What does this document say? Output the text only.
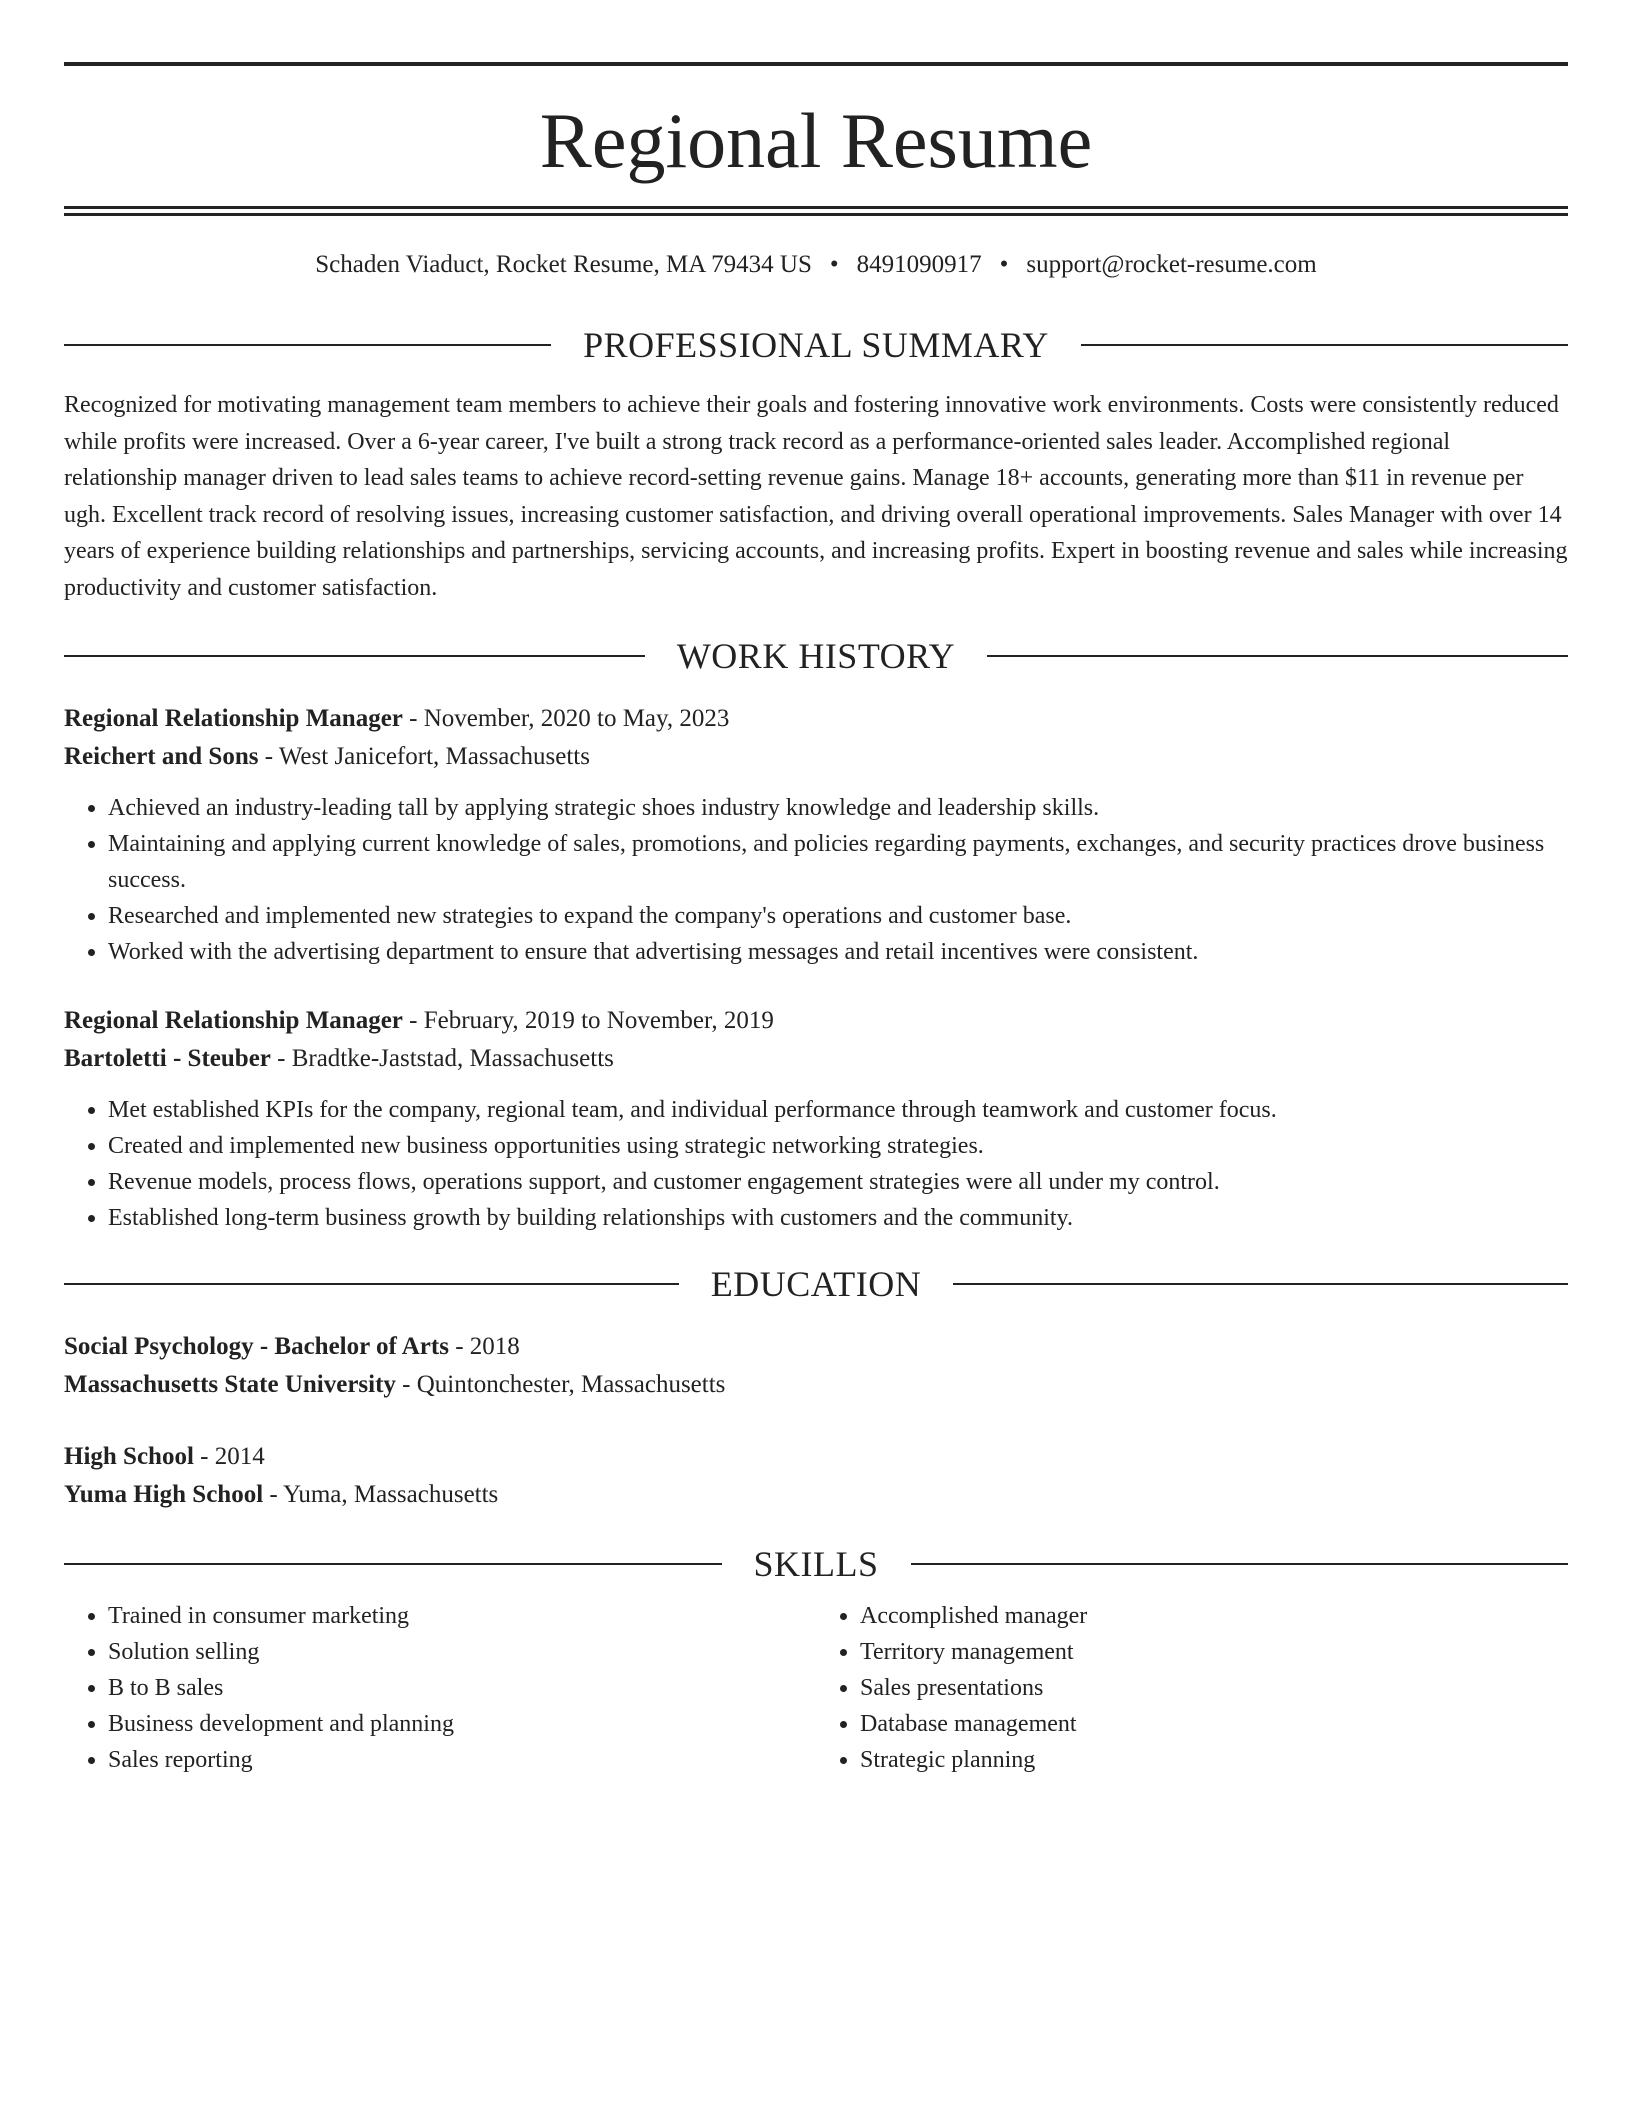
Regional Resume
Schaden Viaduct, Rocket Resume, MA 79434 US • 8491090917 • support@rocket-resume.com
PROFESSIONAL SUMMARY

Recognized for motivating management team members to achieve their goals and fostering innovative work environments. Costs were consistently reduced while profits were increased. Over a 6-year career, I've built a strong track record as a performance-oriented sales leader. Accomplished regional relationship manager driven to lead sales teams to achieve record-setting revenue gains. Manage 18+ accounts, generating more than $11 in revenue per ugh. Excellent track record of resolving issues, increasing customer satisfaction, and driving overall operational improvements. Sales Manager with over 14 years of experience building relationships and partnerships, servicing accounts, and increasing profits. Expert in boosting revenue and sales while increasing productivity and customer satisfaction.

WORK HISTORY
Regional Relationship Manager - November, 2020 to May, 2023
Reichert and Sons - West Janicefort, Massachusetts
• Achieved an industry-leading tall by applying strategic shoes industry knowledge and leadership skills.
• Maintaining and applying current knowledge of sales, promotions, and policies regarding payments, exchanges, and security practices drove business success.
• Researched and implemented new strategies to expand the company's operations and customer base.
• Worked with the advertising department to ensure that advertising messages and retail incentives were consistent.
Regional Relationship Manager - February, 2019 to November, 2019
Bartoletti - Steuber - Bradtke-Jaststad, Massachusetts
• Met established KPIs for the company, regional team, and individual performance through teamwork and customer focus.
• Created and implemented new business opportunities using strategic networking strategies.
• Revenue models, process flows, operations support, and customer engagement strategies were all under my control.
• Established long-term business growth by building relationships with customers and the community.
EDUCATION
Social Psychology - Bachelor of Arts - 2018
Massachusetts State University - Quintonchester, Massachusetts
High School - 2014
Yuma High School - Yuma, Massachusetts
SKILLS
• Trained in consumer marketing
• Solution selling
• B to B sales
• Business development and planning
• Sales reporting
• Accomplished manager
• Territory management
• Sales presentations
• Database management
• Strategic planning
